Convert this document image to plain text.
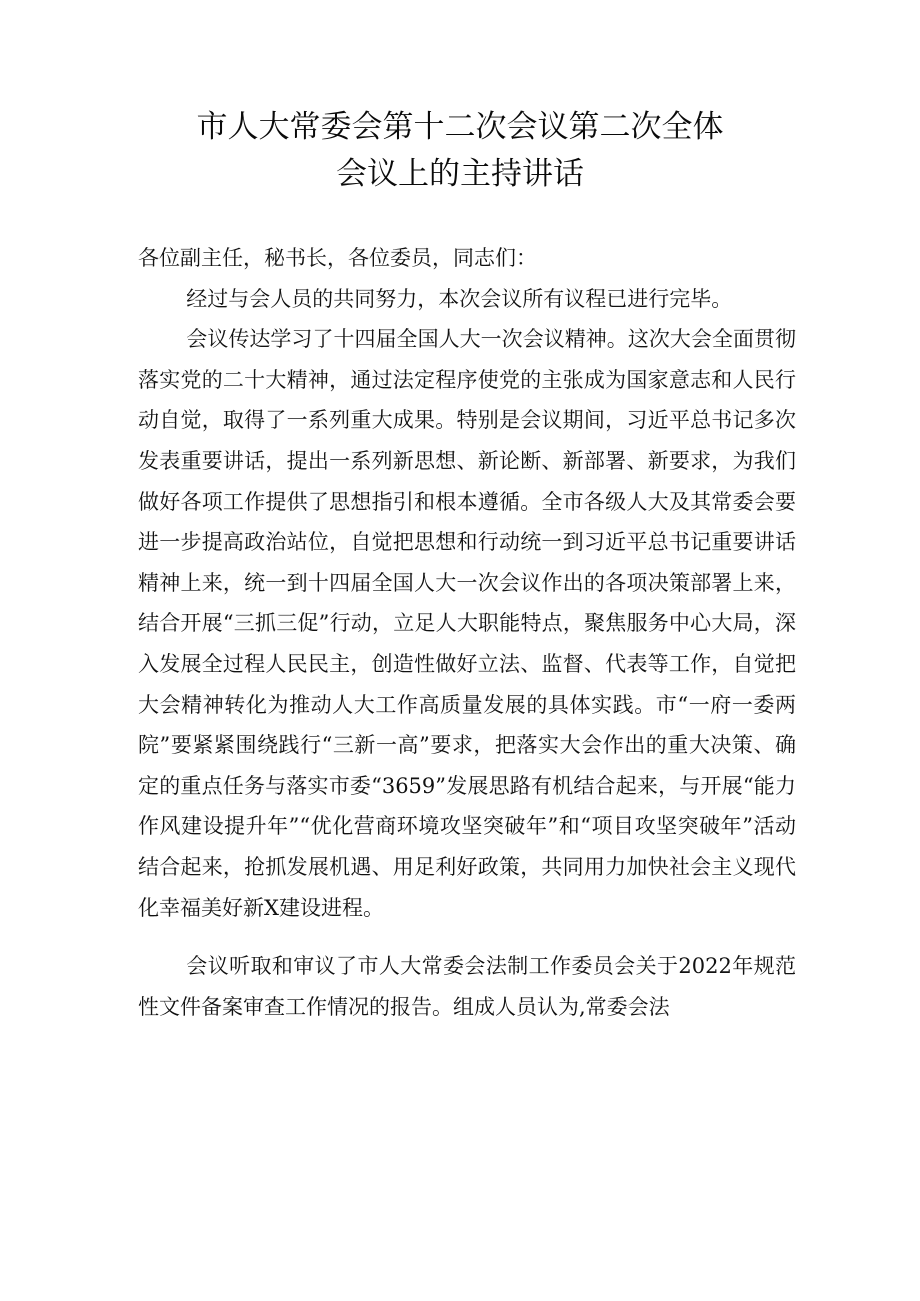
市人大常委会第十二次会议第二次全体
会议上的主持讲话

各位副主任，秘书长，各位委员，同志们：

经过与会人员的共同努力，本次会议所有议程已进行完毕。

会议传达学习了十四届全国人大一次会议精神。这次大会全面贯彻落实党的二十大精神，通过法定程序使党的主张成为国家意志和人民行动自觉，取得了一系列重大成果。特别是会议期间，习近平总书记多次发表重要讲话，提出一系列新思想、新论断、新部署、新要求，为我们做好各项工作提供了思想指引和根本遵循。全市各级人大及其常委会要进一步提高政治站位，自觉把思想和行动统一到习近平总书记重要讲话精神上来，统一到十四届全国人大一次会议作出的各项决策部署上来，结合开展“三抓三促”行动，立足人大职能特点，聚焦服务中心大局，深入发展全过程人民民主，创造性做好立法、监督、代表等工作，自觉把大会精神转化为推动人大工作高质量发展的具体实践。市“一府一委两院”要紧紧围绕践行“三新一高”要求，把落实大会作出的重大决策、确定的重点任务与落实市委“3659”发展思路有机结合起来，与开展“能力作风建设提升年”“优化营商环境攻坚突破年”和“项目攻坚突破年”活动结合起来，抢抓发展机遇、用足利好政策，共同用力加快社会主义现代化幸福美好新X建设进程。

会议听取和审议了市人大常委会法制工作委员会关于2022年规范性文件备案审查工作情况的报告。组成人员认为,常委会法
